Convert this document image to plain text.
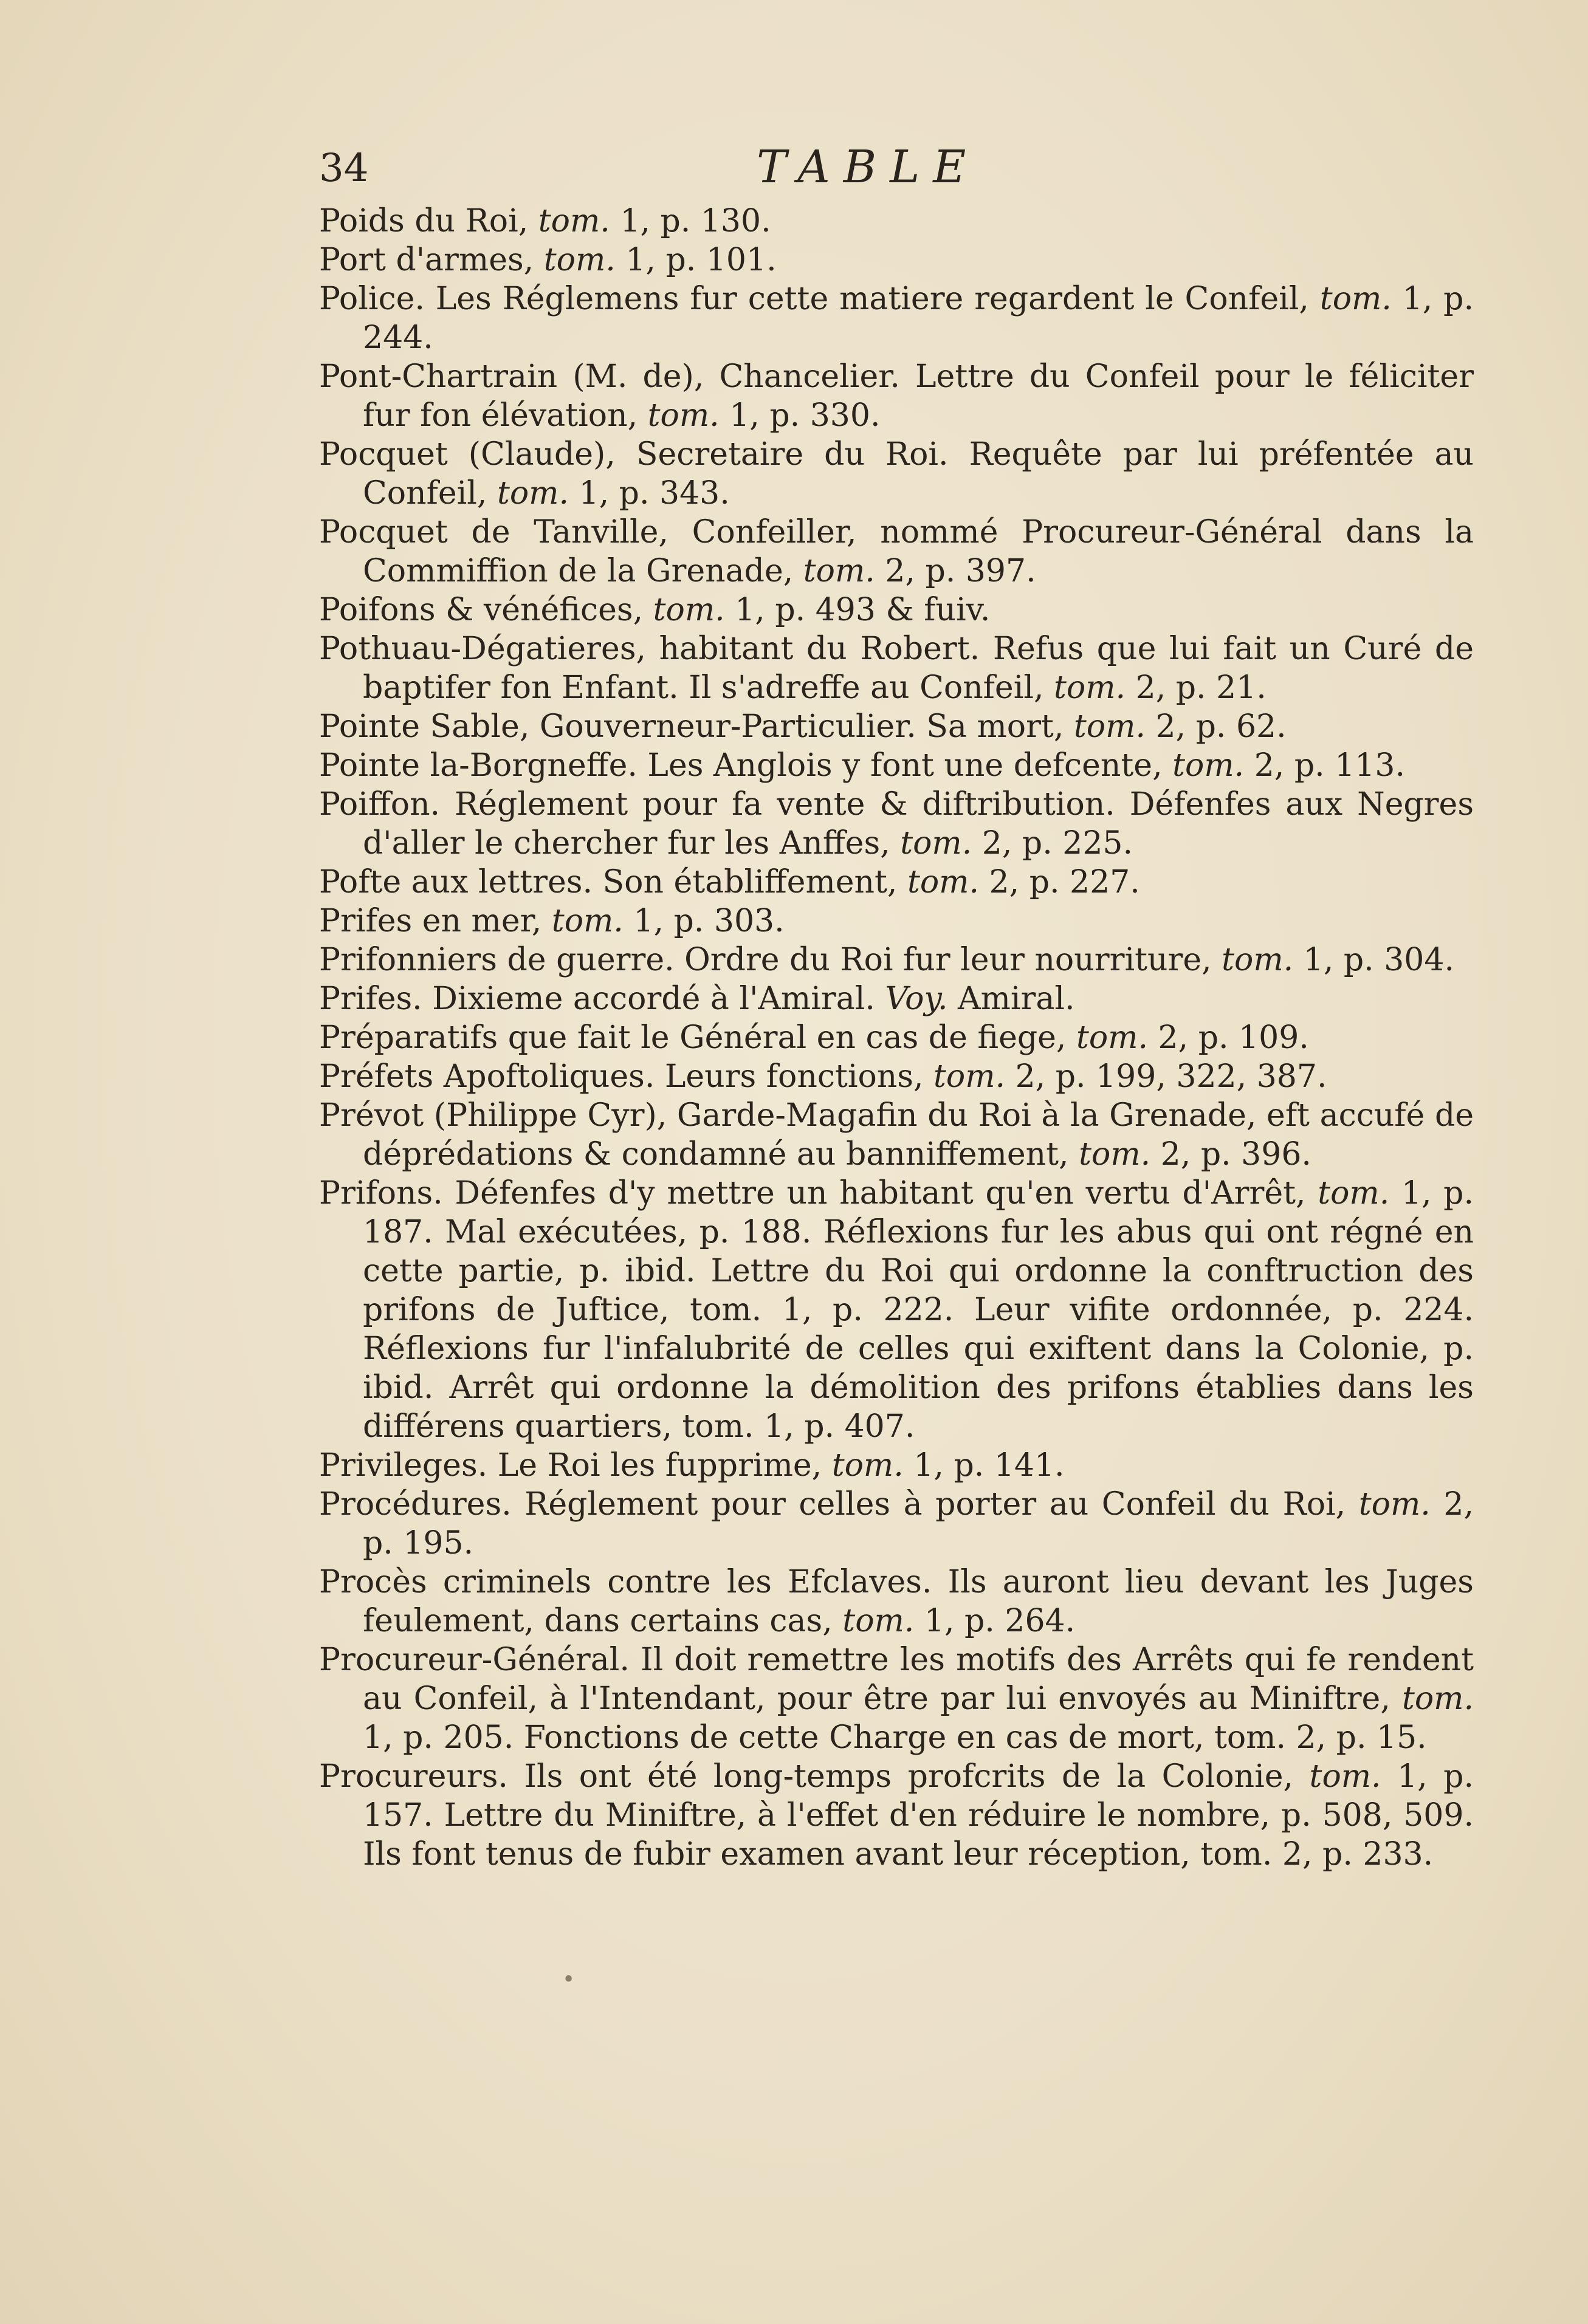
34	TABLE

Poids du Roi, tom. 1, p. 130.

Port d'armes, tom. 1, p. 101.

Police. Les Réglemens fur cette matiere regardent le Confeil, tom. 1, p. 244.

Pont-Chartrain (M. de), Chancelier. Lettre du Confeil pour le féliciter fur fon élévation, tom. 1, p. 330.

Pocquet (Claude), Secretaire du Roi. Requête par lui préfentée au Confeil, tom. 1, p. 343.

Pocquet de Tanville, Confeiller, nommé Procureur-Général dans la Commiffion de la Grenade, tom. 2, p. 397.

Poifons & vénéfices, tom. 1, p. 493 & fuiv.

Pothuau-Dégatieres, habitant du Robert. Refus que lui fait un Curé de baptifer fon Enfant. Il s'adreffe au Confeil, tom. 2, p. 21.

Pointe Sable, Gouverneur-Particulier. Sa mort, tom. 2, p. 62.

Pointe la-Borgneffe. Les Anglois y font une defcente, tom. 2, p. 113.

Poiffon. Réglement pour fa vente & diftribution. Défenfes aux Negres d'aller le chercher fur les Anffes, tom. 2, p. 225.

Pofte aux lettres. Son établiffement, tom. 2, p. 227.

Prifes en mer, tom. 1, p. 303.

Prifonniers de guerre. Ordre du Roi fur leur nourriture, tom. 1, p. 304.

Prifes. Dixieme accordé à l'Amiral. Voy. Amiral.

Préparatifs que fait le Général en cas de fiege, tom. 2, p. 109.

Préfets Apoftoliques. Leurs fonctions, tom. 2, p. 199, 322, 387.

Prévot (Philippe Cyr), Garde-Magafin du Roi à la Grenade, eft accufé de déprédations & condamné au banniffement, tom. 2, p. 396.

Prifons. Défenfes d'y mettre un habitant qu'en vertu d'Arrêt, tom. 1, p. 187. Mal exécutées, p. 188. Réflexions fur les abus qui ont régné en cette partie, p. ibid. Lettre du Roi qui ordonne la conftruction des prifons de Juftice, tom. 1, p. 222. Leur vifite ordonnée, p. 224. Réflexions fur l'infalubrité de celles qui exiftent dans la Colonie, p. ibid. Arrêt qui ordonne la démolition des prifons établies dans les différens quartiers, tom. 1, p. 407.

Privileges. Le Roi les fupprime, tom. 1, p. 141.

Procédures. Réglement pour celles à porter au Confeil du Roi, tom. 2, p. 195.

Procès criminels contre les Efclaves. Ils auront lieu devant les Juges feulement, dans certains cas, tom. 1, p. 264.

Procureur-Général. Il doit remettre les motifs des Arrêts qui fe rendent au Confeil, à l'Intendant, pour être par lui envoyés au Miniftre, tom. 1, p. 205. Fonctions de cette Charge en cas de mort, tom. 2, p. 15.

Procureurs. Ils ont été long-temps profcrits de la Colonie, tom. 1, p. 157. Lettre du Miniftre, à l'effet d'en réduire le nombre, p. 508, 509. Ils font tenus de fubir examen avant leur réception, tom. 2, p. 233.

•
